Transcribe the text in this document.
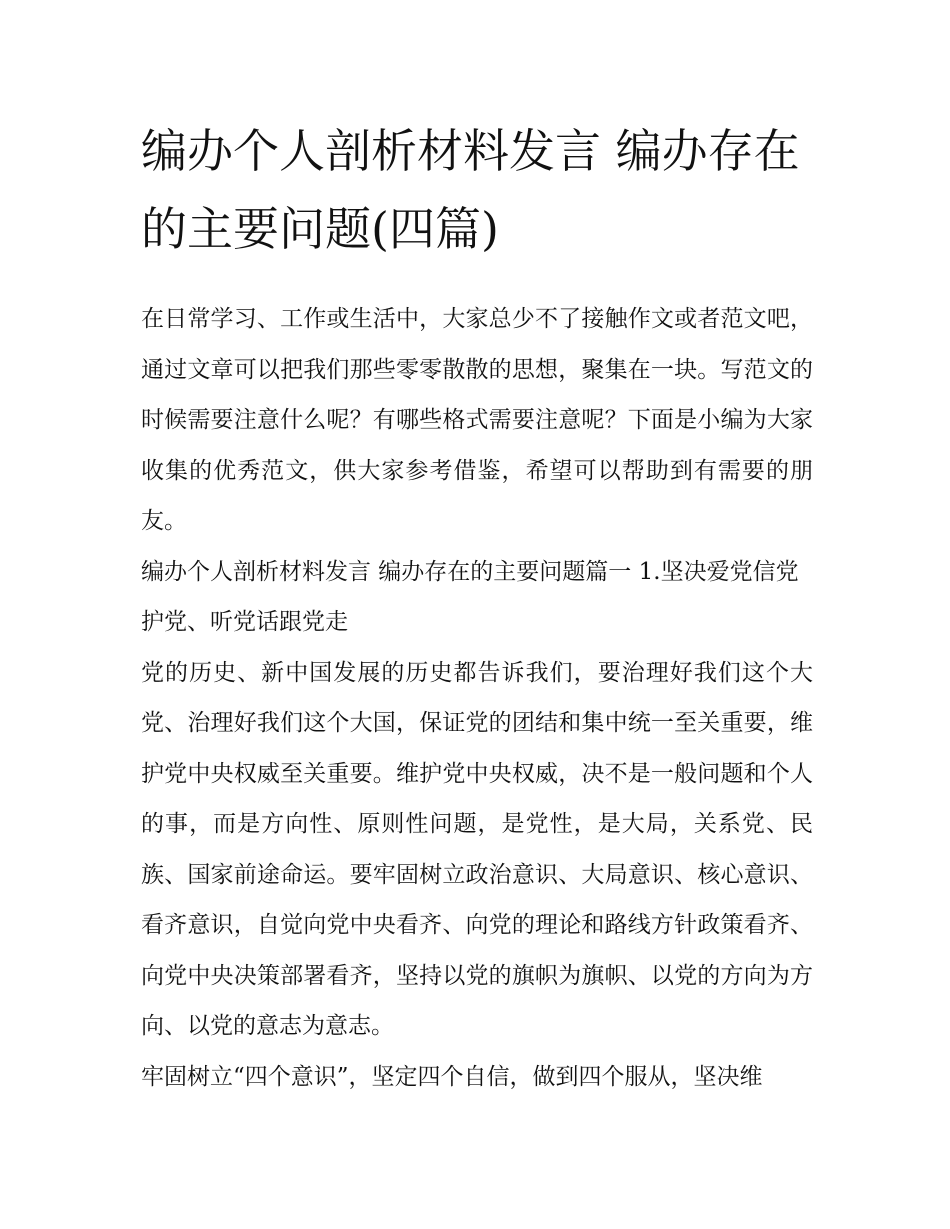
编办个人剖析材料发言 编办存在的主要问题(四篇)

在日常学习、工作或生活中，大家总少不了接触作文或者范文吧，通过文章可以把我们那些零零散散的思想，聚集在一块。写范文的时候需要注意什么呢？有哪些格式需要注意呢？下面是小编为大家收集的优秀范文，供大家参考借鉴，希望可以帮助到有需要的朋友。

编办个人剖析材料发言 编办存在的主要问题篇一 1.坚决爱党信党护党、听党话跟党走

党的历史、新中国发展的历史都告诉我们，要治理好我们这个大党、治理好我们这个大国，保证党的团结和集中统一至关重要，维护党中央权威至关重要。维护党中央权威，决不是一般问题和个人的事，而是方向性、原则性问题，是党性，是大局，关系党、民族、国家前途命运。要牢固树立政治意识、大局意识、核心意识、看齐意识，自觉向党中央看齐、向党的理论和路线方针政策看齐、向党中央决策部署看齐，坚持以党的旗帜为旗帜、以党的方向为方向、以党的意志为意志。

牢固树立“四个意识”，坚定四个自信，做到四个服从，坚决维
